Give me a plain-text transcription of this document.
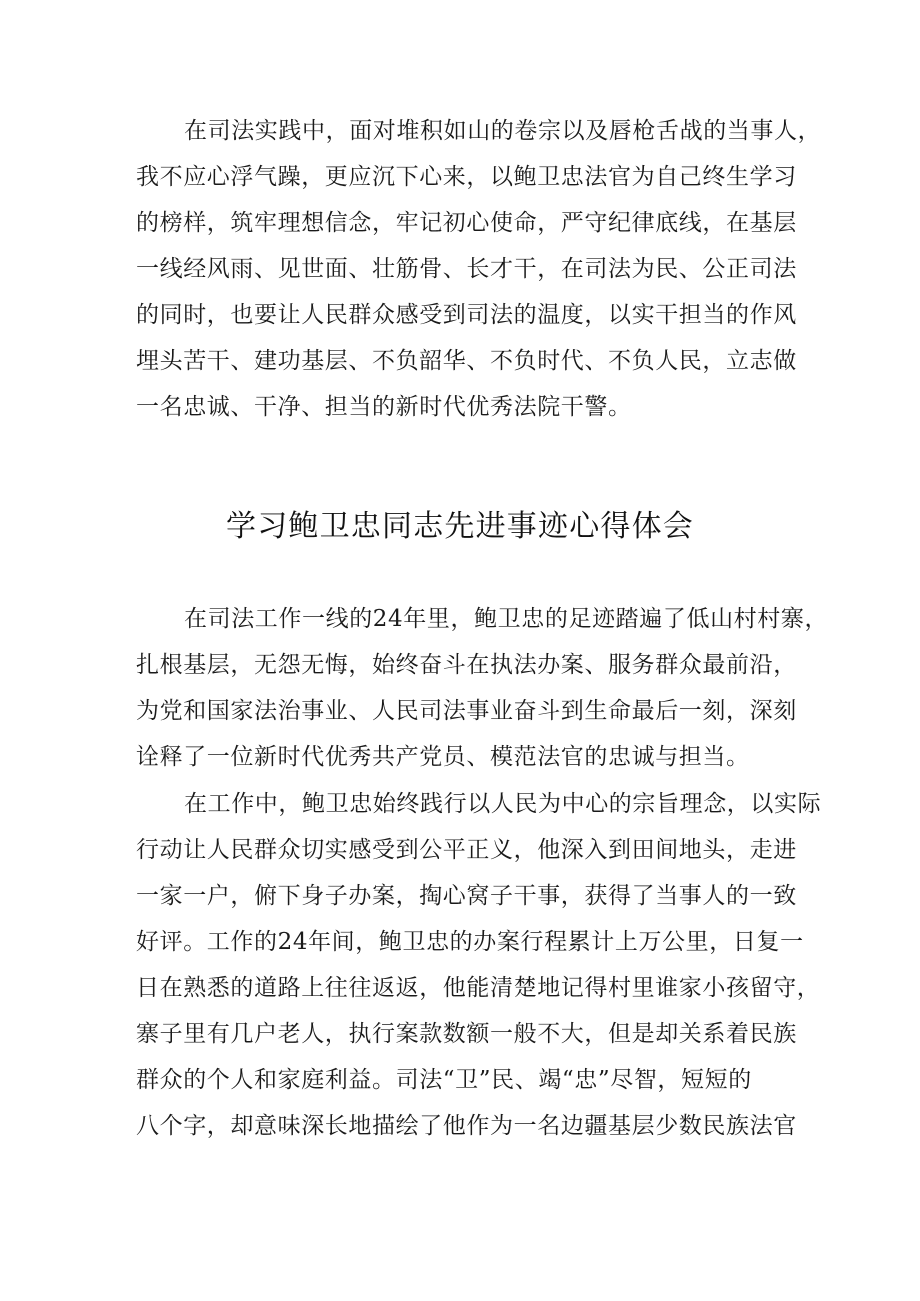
在司法实践中，面对堆积如山的卷宗以及唇枪舌战的当事人，
我不应心浮气躁，更应沉下心来，以鲍卫忠法官为自己终生学习
的榜样，筑牢理想信念，牢记初心使命，严守纪律底线，在基层
一线经风雨、见世面、壮筋骨、长才干，在司法为民、公正司法
的同时，也要让人民群众感受到司法的温度，以实干担当的作风
埋头苦干、建功基层、不负韶华、不负时代、不负人民，立志做
一名忠诚、干净、担当的新时代优秀法院干警。
学习鲍卫忠同志先进事迹心得体会
在司法工作一线的24年里，鲍卫忠的足迹踏遍了低山村村寨，
扎根基层，无怨无悔，始终奋斗在执法办案、服务群众最前沿，
为党和国家法治事业、人民司法事业奋斗到生命最后一刻，深刻
诠释了一位新时代优秀共产党员、模范法官的忠诚与担当。
在工作中，鲍卫忠始终践行以人民为中心的宗旨理念，以实际
行动让人民群众切实感受到公平正义，他深入到田间地头，走进
一家一户，俯下身子办案，掏心窝子干事，获得了当事人的一致
好评。工作的24年间，鲍卫忠的办案行程累计上万公里，日复一
日在熟悉的道路上往往返返，他能清楚地记得村里谁家小孩留守，
寨子里有几户老人，执行案款数额一般不大，但是却关系着民族
群众的个人和家庭利益。司法“卫”民、竭“忠”尽智，短短的
八个字，却意味深长地描绘了他作为一名边疆基层少数民族法官
